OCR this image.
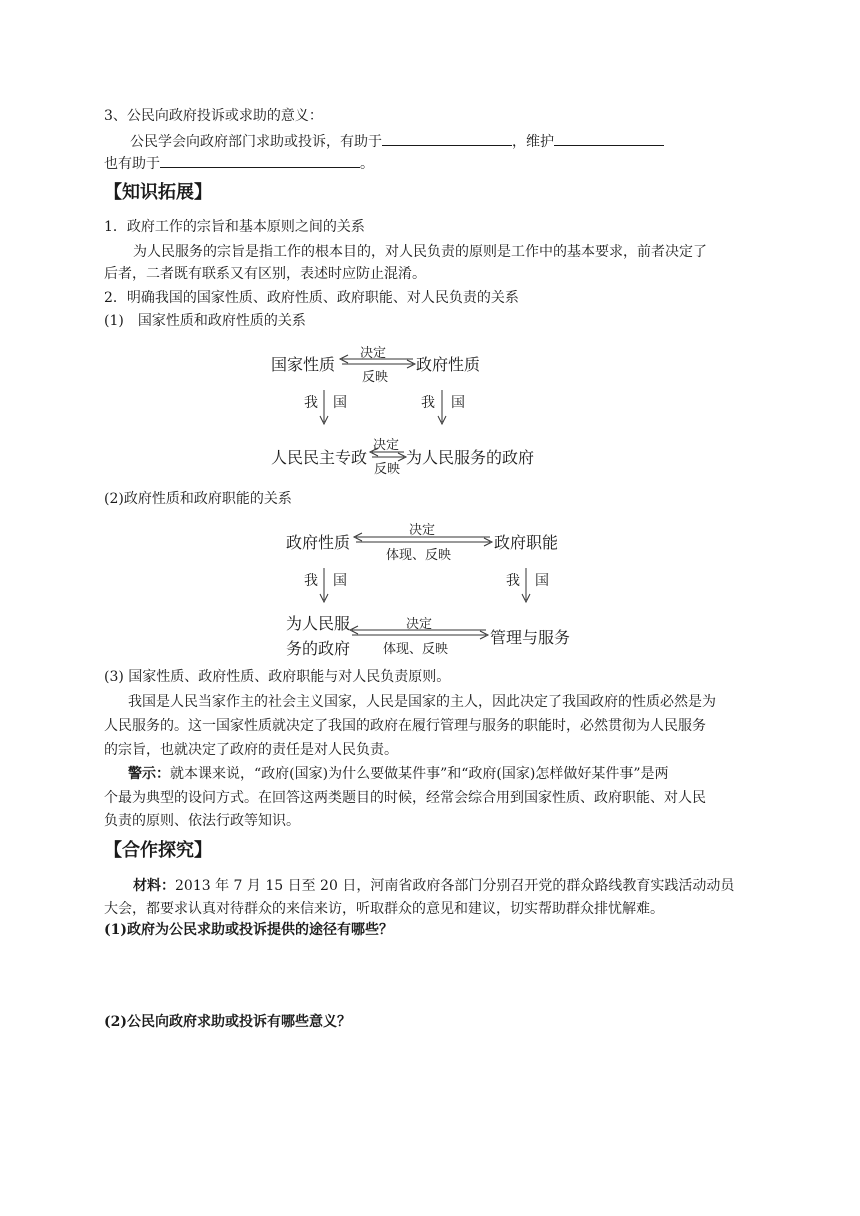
3、公民向政府投诉或求助的意义：
公民学会向政府部门求助或投诉，有助于	，维护
也有助于	。
【知识拓展】
1．政府工作的宗旨和基本原则之间的关系
为人民服务的宗旨是指工作的根本目的，对人民负责的原则是工作中的基本要求，前者决定了
后者，二者既有联系又有区别，表述时应防止混淆。
2．明确我国的国家性质、政府性质、政府职能、对人民负责的关系
(1)　国家性质和政府性质的关系
国家性质
决定
反映
政府性质
我 国	我 国
人民民主专政
决定
反映
为人民服务的政府
(2)政府性质和政府职能的关系
政府性质
决定
体现、反映
政府职能
我 国	我 国
为人民服
务的政府
决定
体现、反映
管理与服务
(3) 国家性质、政府性质、政府职能与对人民负责原则。
我国是人民当家作主的社会主义国家，人民是国家的主人，因此决定了我国政府的性质必然是为
人民服务的。这一国家性质就决定了我国的政府在履行管理与服务的职能时，必然贯彻为人民服务
的宗旨，也就决定了政府的责任是对人民负责。
警示：就本课来说，“政府(国家)为什么要做某件事”和“政府(国家)怎样做好某件事”是两
个最为典型的设问方式。在回答这两类题目的时候，经常会综合用到国家性质、政府职能、对人民
负责的原则、依法行政等知识。
【合作探究】
材料：2013 年 7 月 15 日至 20 日，河南省政府各部门分别召开党的群众路线教育实践活动动员
大会，都要求认真对待群众的来信来访，听取群众的意见和建议，切实帮助群众排忧解难。
(1)政府为公民求助或投诉提供的途径有哪些？
(2)公民向政府求助或投诉有哪些意义？
